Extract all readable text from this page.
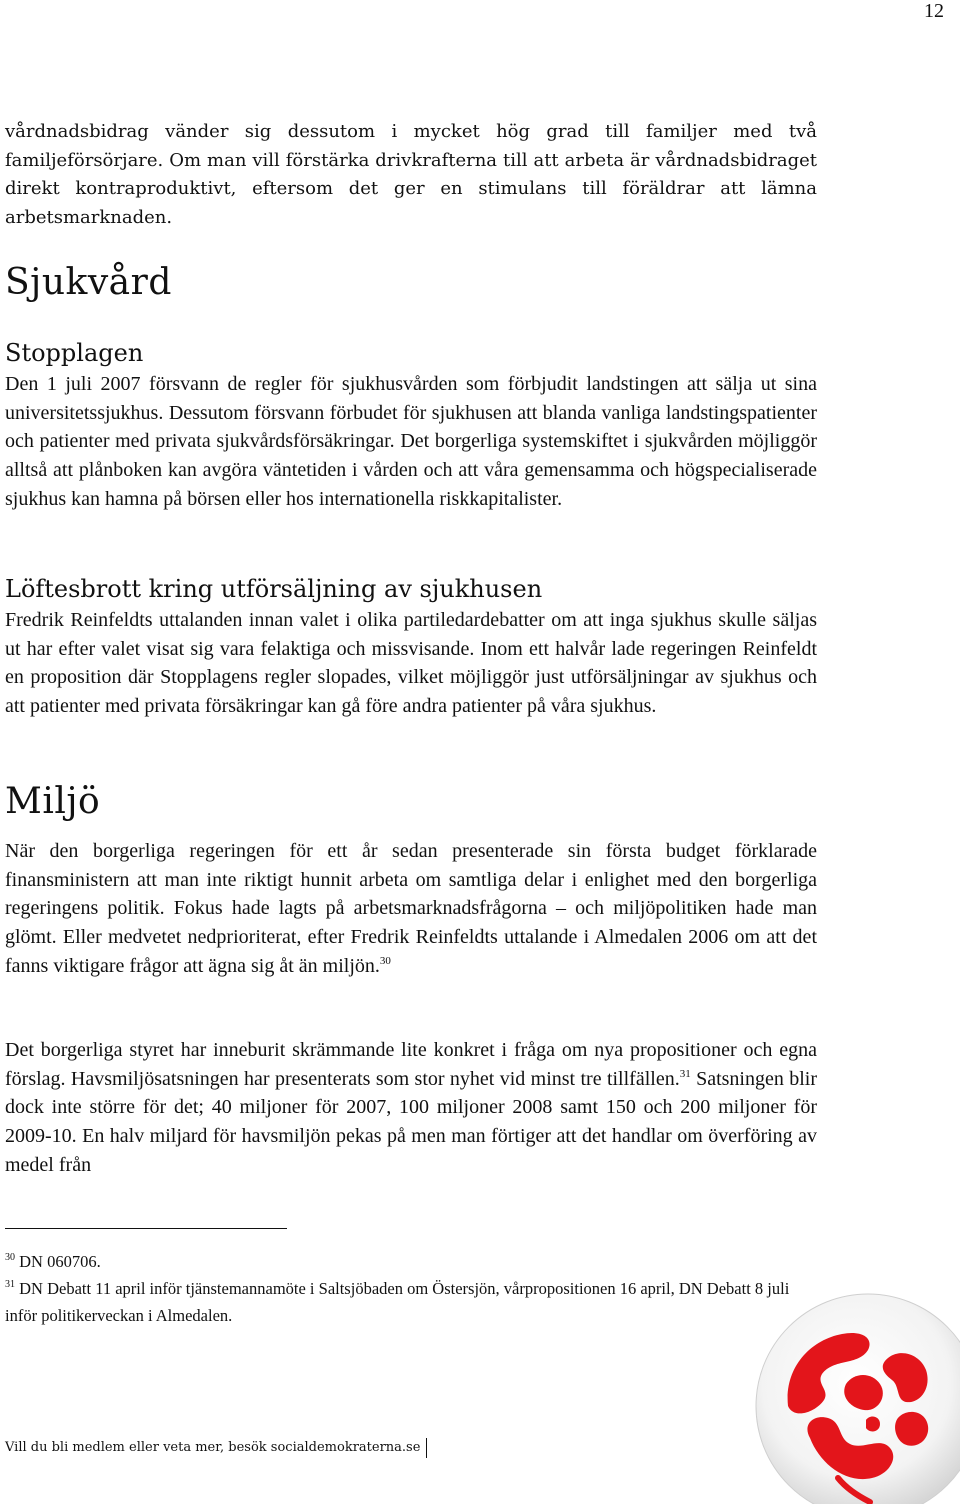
12

vårdnadsbidrag vänder sig dessutom i mycket hög grad till familjer med två familjeförsörjare. Om man vill förstärka drivkrafterna till att arbeta är vårdnadsbidraget direkt kontraproduktivt, eftersom det ger en stimulans till föräldrar att lämna arbetsmarknaden.

Sjukvård
Stopplagen

Den 1 juli 2007 försvann de regler för sjukhusvården som förbjudit landstingen att sälja ut sina universitetssjukhus. Dessutom försvann förbudet för sjukhusen att blanda vanliga landstingspatienter och patienter med privata sjukvårdsförsäkringar. Det borgerliga systemskiftet i sjukvården möjliggör alltså att plånboken kan avgöra väntetiden i vården och att våra gemensamma och högspecialiserade sjukhus kan hamna på börsen eller hos internationella riskkapitalister.

Löftesbrott kring utförsäljning av sjukhusen

Fredrik Reinfeldts uttalanden innan valet i olika partiledardebatter om att inga sjukhus skulle säljas ut har efter valet visat sig vara felaktiga och missvisande. Inom ett halvår lade regeringen Reinfeldt en proposition där Stopplagens regler slopades, vilket möjliggör just utförsäljningar av sjukhus och att patienter med privata försäkringar kan gå före andra patienter på våra sjukhus.

Miljö

När den borgerliga regeringen för ett år sedan presenterade sin första budget förklarade finansministern att man inte riktigt hunnit arbeta om samtliga delar i enlighet med den borgerliga regeringens politik. Fokus hade lagts på arbetsmarknadsfrågorna – och miljöpolitiken hade man glömt. Eller medvetet nedprioriterat, efter Fredrik Reinfeldts uttalande i Almedalen 2006 om att det fanns viktigare frågor att ägna sig åt än miljön.$^{30}$

Det borgerliga styret har inneburit skrämmande lite konkret i fråga om nya propositioner och egna förslag. Havsmiljösatsningen har presenterats som stor nyhet vid minst tre tillfällen.$^{31}$ Satsningen blir dock inte större för det; 40 miljoner för 2007, 100 miljoner 2008 samt 150 och 200 miljoner för 2009-10. En halv miljard för havsmiljön pekas på men man förtiger att det handlar om överföring av medel från

$^{30}$ DN 060706.
$^{31}$ DN Debatt 11 april inför tjänstemannamöte i Saltsjöbaden om Östersjön, vårpropositionen 16 april, DN Debatt 8 juli inför politikerveckan i Almedalen.
Vill du bli medlem eller veta mer, besök socialdemokraterna.se
